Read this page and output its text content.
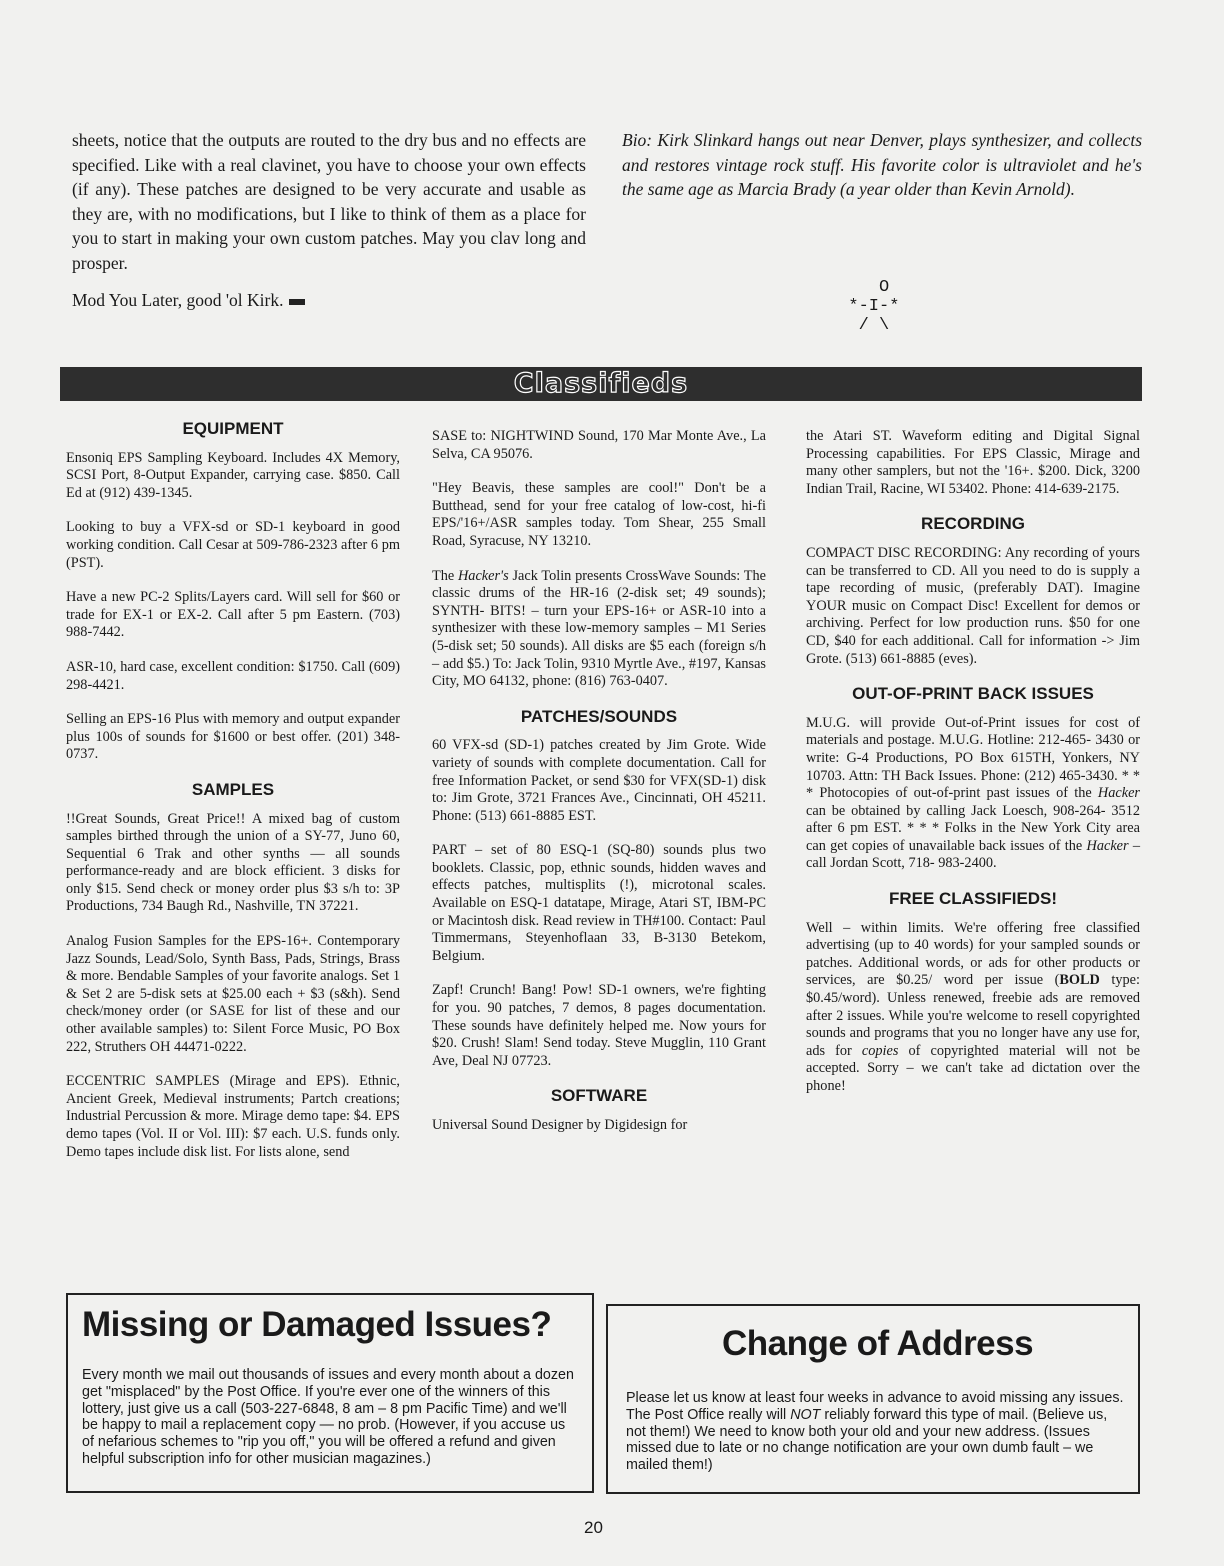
sheets, notice that the outputs are routed to the dry bus and no effects are specified. Like with a real clavinet, you have to choose your own effects (if any). These patches are designed to be very accurate and usable as they are, with no modifications, but I like to think of them as a place for you to start in making your own custom patches. May you clav long and prosper.

Mod You Later, good 'ol Kirk.

Bio: Kirk Slinkard hangs out near Denver, plays synthesizer, and collects and restores vintage rock stuff. His favorite color is ultraviolet and he's the same age as Marcia Brady (a year older than Kevin Arnold).
O
*-I-*
/ \
Classifieds
EQUIPMENT

Ensoniq EPS Sampling Keyboard. Includes 4X Memory, SCSI Port, 8-Output Expander, carrying case. $850. Call Ed at (912) 439-1345.

Looking to buy a VFX-sd or SD-1 keyboard in good working condition. Call Cesar at 509-786-2323 after 6 pm (PST).

Have a new PC-2 Splits/Layers card. Will sell for $60 or trade for EX-1 or EX-2. Call after 5 pm Eastern. (703) 988-7442.

ASR-10, hard case, excellent condition: $1750. Call (609) 298-4421.

Selling an EPS-16 Plus with memory and output expander plus 100s of sounds for $1600 or best offer. (201) 348-0737.

SAMPLES

!!Great Sounds, Great Price!! A mixed bag of custom samples birthed through the union of a SY-77, Juno 60, Sequential 6 Trak and other synths — all sounds performance-ready and are block efficient. 3 disks for only $15. Send check or money order plus $3 s/h to: 3P Productions, 734 Baugh Rd., Nashville, TN 37221.

Analog Fusion Samples for the EPS-16+. Contemporary Jazz Sounds, Lead/Solo, Synth Bass, Pads, Strings, Brass & more. Bendable Samples of your favorite analogs. Set 1 & Set 2 are 5-disk sets at $25.00 each + $3 (s&h). Send check/money order (or SASE for list of these and our other available samples) to: Silent Force Music, PO Box 222, Struthers OH 44471-0222.

ECCENTRIC SAMPLES (Mirage and EPS). Ethnic, Ancient Greek, Medieval instruments; Partch creations; Industrial Percussion & more. Mirage demo tape: $4. EPS demo tapes (Vol. II or Vol. III): $7 each. U.S. funds only. Demo tapes include disk list. For lists alone, send

SASE to: NIGHTWIND Sound, 170 Mar Monte Ave., La Selva, CA 95076.

"Hey Beavis, these samples are cool!" Don't be a Butthead, send for your free catalog of low-cost, hi-fi EPS/'16+/ASR samples today. Tom Shear, 255 Small Road, Syracuse, NY 13210.

The Hacker's Jack Tolin presents CrossWave Sounds: The classic drums of the HR-16 (2-disk set; 49 sounds); SYNTH- BITS! – turn your EPS-16+ or ASR-10 into a synthesizer with these low-memory samples – M1 Series (5-disk set; 50 sounds). All disks are $5 each (foreign s/h – add $5.) To: Jack Tolin, 9310 Myrtle Ave., #197, Kansas City, MO 64132, phone: (816) 763-0407.

PATCHES/SOUNDS

60 VFX-sd (SD-1) patches created by Jim Grote. Wide variety of sounds with complete documentation. Call for free Information Packet, or send $30 for VFX(SD-1) disk to: Jim Grote, 3721 Frances Ave., Cincinnati, OH 45211. Phone: (513) 661-8885 EST.

PART – set of 80 ESQ-1 (SQ-80) sounds plus two booklets. Classic, pop, ethnic sounds, hidden waves and effects patches, multisplits (!), microtonal scales. Available on ESQ-1 datatape, Mirage, Atari ST, IBM-PC or Macintosh disk. Read review in TH#100. Contact: Paul Timmermans, Steyenhoflaan 33, B-3130 Betekom, Belgium.

Zapf! Crunch! Bang! Pow! SD-1 owners, we're fighting for you. 90 patches, 7 demos, 8 pages documentation. These sounds have definitely helped me. Now yours for $20. Crush! Slam! Send today. Steve Mugglin, 110 Grant Ave, Deal NJ 07723.

SOFTWARE

Universal Sound Designer by Digidesign for

the Atari ST. Waveform editing and Digital Signal Processing capabilities. For EPS Classic, Mirage and many other samplers, but not the '16+. $200. Dick, 3200 Indian Trail, Racine, WI 53402. Phone: 414-639-2175.

RECORDING

COMPACT DISC RECORDING: Any recording of yours can be transferred to CD. All you need to do is supply a tape recording of music, (preferably DAT). Imagine YOUR music on Compact Disc! Excellent for demos or archiving. Perfect for low production runs. $50 for one CD, $40 for each additional. Call for information -> Jim Grote. (513) 661-8885 (eves).

OUT-OF-PRINT BACK ISSUES

M.U.G. will provide Out-of-Print issues for cost of materials and postage. M.U.G. Hotline: 212-465- 3430 or write: G-4 Productions, PO Box 615TH, Yonkers, NY 10703. Attn: TH Back Issues. Phone: (212) 465-3430. * * * Photocopies of out-of-print past issues of the Hacker can be obtained by calling Jack Loesch, 908-264- 3512 after 6 pm EST. * * * Folks in the New York City area can get copies of unavailable back issues of the Hacker – call Jordan Scott, 718- 983-2400.

FREE CLASSIFIEDS!

Well – within limits. We're offering free classified advertising (up to 40 words) for your sampled sounds or patches. Additional words, or ads for other products or services, are $0.25/ word per issue (BOLD type: $0.45/word). Unless renewed, freebie ads are removed after 2 issues. While you're welcome to resell copyrighted sounds and programs that you no longer have any use for, ads for copies of copyrighted material will not be accepted. Sorry – we can't take ad dictation over the phone!

Missing or Damaged Issues?
Every month we mail out thousands of issues and every month about a dozen get "misplaced" by the Post Office. If you're ever one of the winners of this lottery, just give us a call (503-227-6848, 8 am – 8 pm Pacific Time) and we'll be happy to mail a replacement copy — no prob. (However, if you accuse us of nefarious schemes to "rip you off," you will be offered a refund and given helpful subscription info for other musician magazines.)
Change of Address
Please let us know at least four weeks in advance to avoid missing any issues. The Post Office really will NOT reliably forward this type of mail. (Believe us, not them!) We need to know both your old and your new address. (Issues missed due to late or no change notification are your own dumb fault – we mailed them!)
20
